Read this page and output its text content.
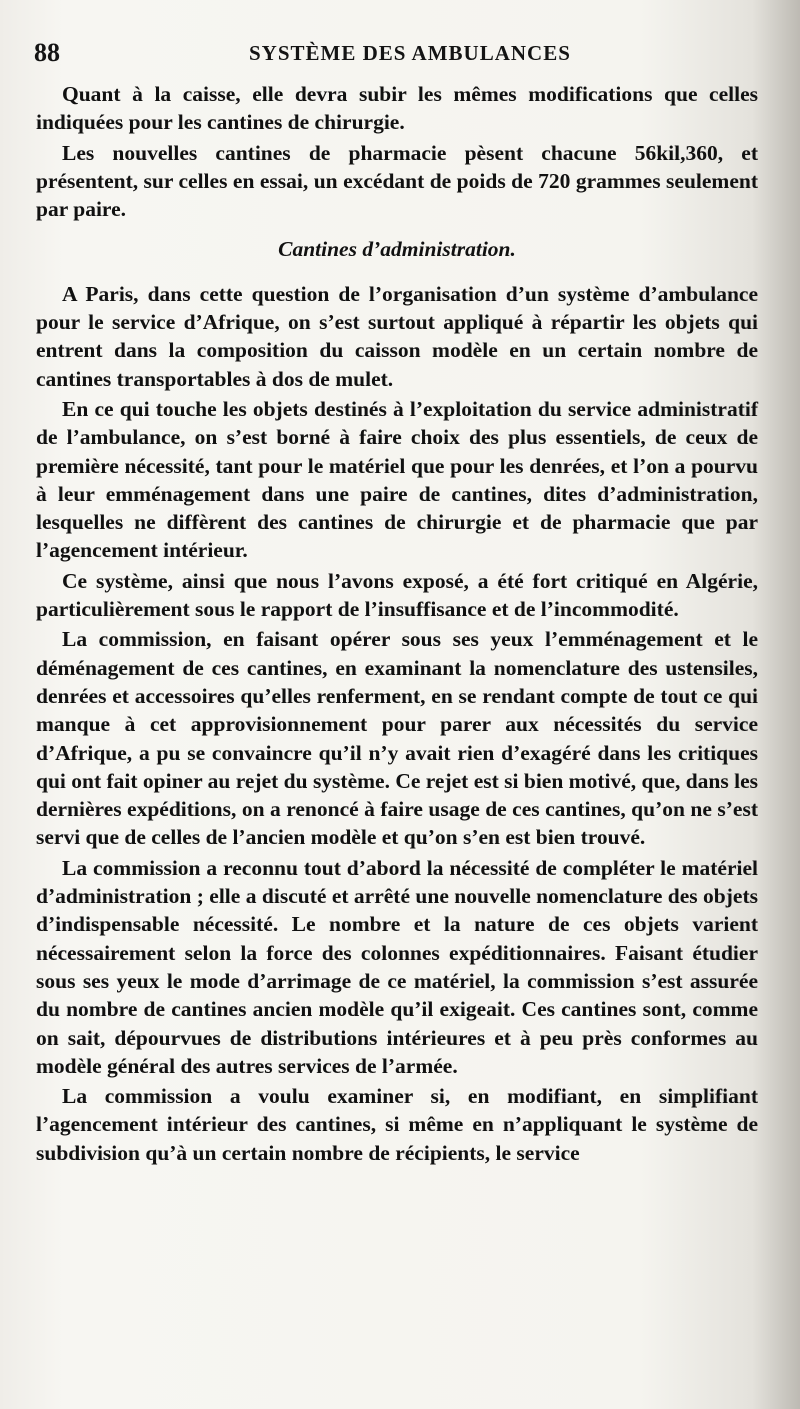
88	SYSTÈME DES AMBULANCES

Quant à la caisse, elle devra subir les mêmes modifications que celles indiquées pour les cantines de chirurgie.

Les nouvelles cantines de pharmacie pèsent chacune 56kil,360, et présentent, sur celles en essai, un excédant de poids de 720 grammes seulement par paire.

Cantines d’administration.

A Paris, dans cette question de l’organisation d’un système d’ambulance pour le service d’Afrique, on s’est surtout appliqué à répartir les objets qui entrent dans la composition du caisson modèle en un certain nombre de cantines transportables à dos de mulet.

En ce qui touche les objets destinés à l’exploitation du service administratif de l’ambulance, on s’est borné à faire choix des plus essentiels, de ceux de première nécessité, tant pour le matériel que pour les denrées, et l’on a pourvu à leur emménagement dans une paire de cantines, dites d’administration, lesquelles ne diffèrent des cantines de chirurgie et de pharmacie que par l’agencement intérieur.

Ce système, ainsi que nous l’avons exposé, a été fort critiqué en Algérie, particulièrement sous le rapport de l’insuffisance et de l’incommodité.

La commission, en faisant opérer sous ses yeux l’emménagement et le déménagement de ces cantines, en examinant la nomenclature des ustensiles, denrées et accessoires qu’elles renferment, en se rendant compte de tout ce qui manque à cet approvisionnement pour parer aux nécessités du service d’Afrique, a pu se convaincre qu’il n’y avait rien d’exagéré dans les critiques qui ont fait opiner au rejet du système. Ce rejet est si bien motivé, que, dans les dernières expéditions, on a renoncé à faire usage de ces cantines, qu’on ne s’est servi que de celles de l’ancien modèle et qu’on s’en est bien trouvé.

La commission a reconnu tout d’abord la nécessité de compléter le matériel d’administration ; elle a discuté et arrêté une nouvelle nomenclature des objets d’indispensable nécessité. Le nombre et la nature de ces objets varient nécessairement selon la force des colonnes expéditionnaires. Faisant étudier sous ses yeux le mode d’arrimage de ce matériel, la commission s’est assurée du nombre de cantines ancien modèle qu’il exigeait. Ces cantines sont, comme on sait, dépourvues de distributions intérieures et à peu près conformes au modèle général des autres services de l’armée.

La commission a voulu examiner si, en modifiant, en simplifiant l’agencement intérieur des cantines, si même en n’appliquant le système de subdivision qu’à un certain nombre de récipients, le service
